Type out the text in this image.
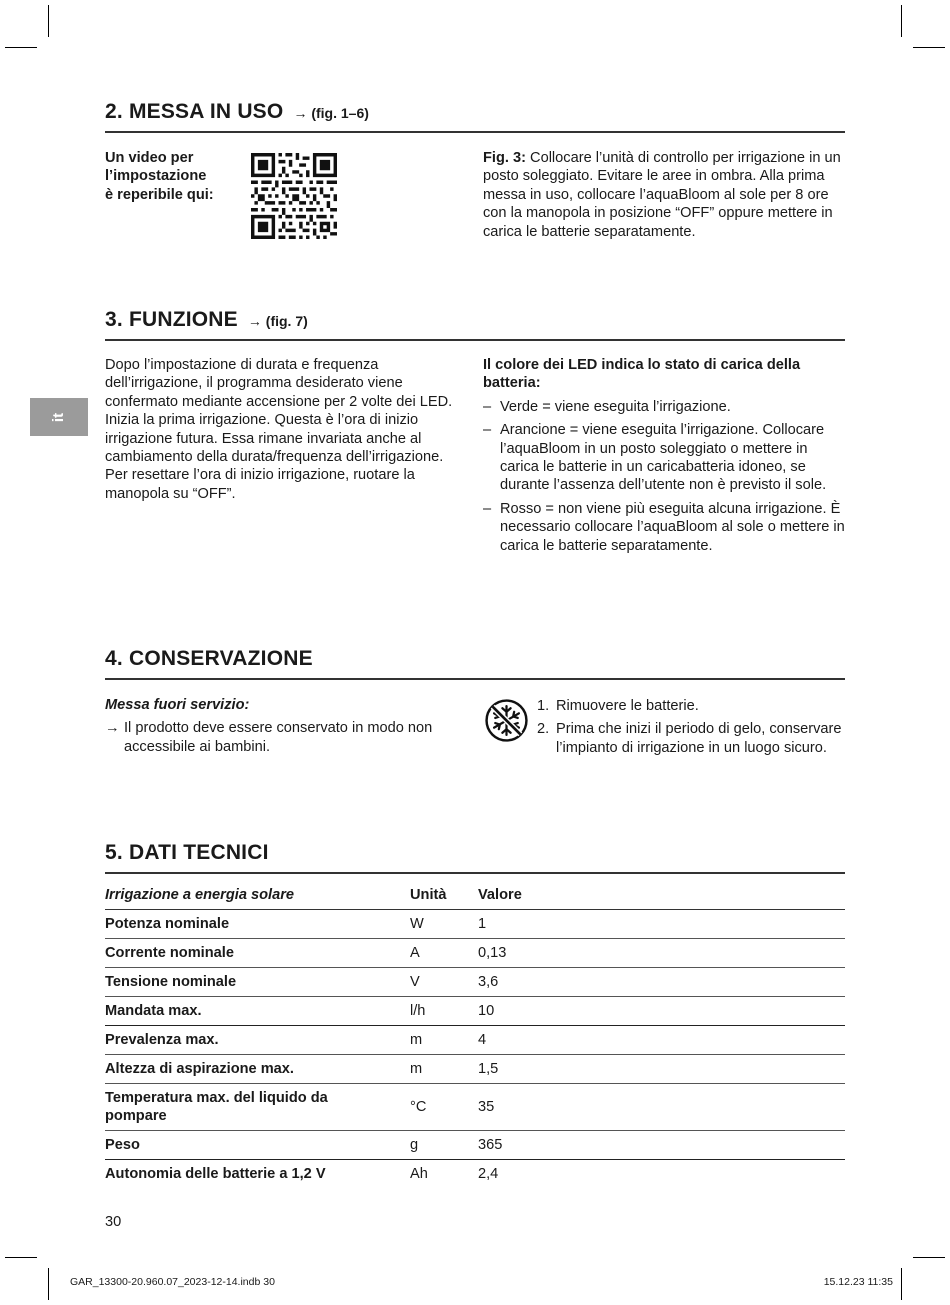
it
2. MESSA IN USO → (fig. 1–6)
Un video per
l’impostazione
è reperibile qui:
Fig. 3: Collocare l’unità di controllo per irrigazione in un posto soleggiato. Evitare le aree in ombra. Alla prima messa in uso, collocare l’aquaBloom al sole per 8 ore con la manopola in posizione “OFF” oppure mettere in carica le batterie separatamente.
3. FUNZIONE → (fig. 7)
Dopo l’impostazione di durata e frequenza dell’irrigazione, il programma desiderato viene confermato mediante accensione per 2 volte dei LED. Inizia la prima irrigazione. Questa è l’ora di inizio irrigazione futura. Essa rimane invariata anche al cambiamento della durata/frequenza dell’irrigazione. Per resettare l’ora di inizio irrigazione, ruotare la manopola su “OFF”.
Il colore dei LED indica lo stato di carica della batteria:
– Verde = viene eseguita l’irrigazione.
– Arancione = viene eseguita l’irrigazione. Collocare l’aquaBloom in un posto soleggiato o mettere in carica le batterie in un caricabatteria idoneo, se durante l’assenza dell’utente non è previsto il sole.
– Rosso = non viene più eseguita alcuna irrigazione. È necessario collocare l’aquaBloom al sole o mettere in carica le batterie separatamente.
4. CONSERVAZIONE
Messa fuori servizio:
→ Il prodotto deve essere conservato in modo non accessibile ai bambini.
1. Rimuovere le batterie.
2. Prima che inizi il periodo di gelo, conservare l’impianto di irrigazione in un luogo sicuro.
5. DATI TECNICI
Irrigazione a energia solare	Unità	Valore
Potenza nominale	W	1
Corrente nominale	A	0,13
Tensione nominale	V	3,6
Mandata max.	l/h	10
Prevalenza max.	m	4
Altezza di aspirazione max.	m	1,5
Temperatura max. del liquido da pompare	°C	35
Peso	g	365
Autonomia delle batterie a 1,2 V	Ah	2,4
30
GAR_13300-20.960.07_2023-12-14.indb 30	15.12.23 11:35
